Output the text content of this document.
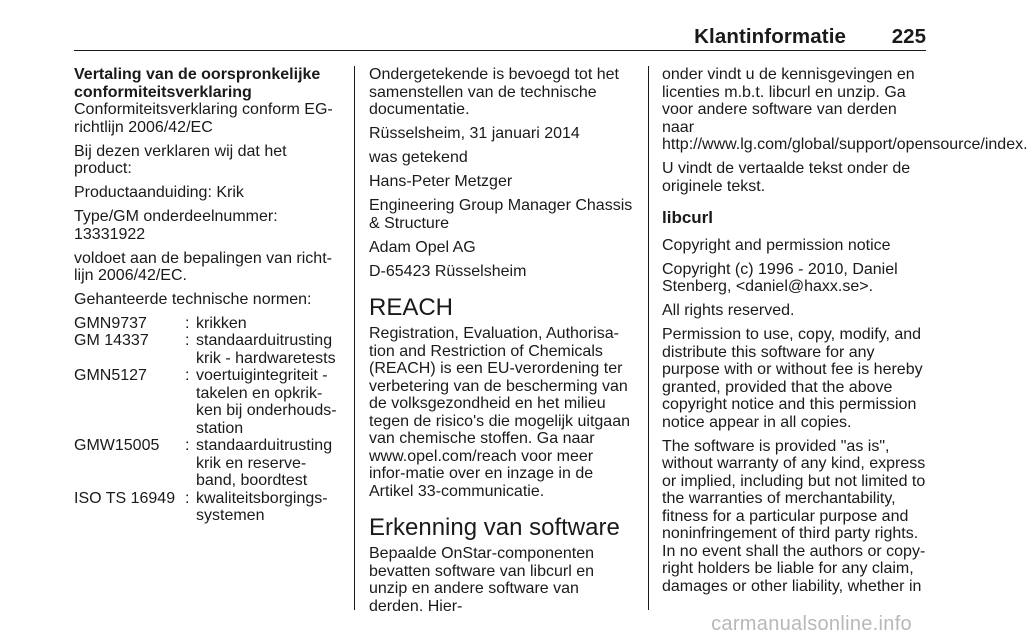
Klantinformatie 225

Vertaling van de oorspronkelijke conformiteitsverklaring

Conformiteitsverklaring conform EG-richtlijn 2006/42/EC

Bij dezen verklaren wij dat het product:

Productaanduiding: Krik

Type/GM onderdeelnummer: 13331922

voldoet aan de bepalingen van richt-lijn 2006/42/EC.

Gehanteerde technische normen:

GMN9737	: krikken
GM 14337	: standaarduitrusting krik - hardwaretests
GMN5127	: voertuigintegriteit - takelen en opkrik-ken bij onderhouds-station
GMW15005	: standaarduitrusting krik en reserve-band, boordtest
ISO TS 16949 : kwaliteitsborgings-systemen

Ondergetekende is bevoegd tot het samenstellen van de technische documentatie.

Rüsselsheim, 31 januari 2014

was getekend

Hans-Peter Metzger

Engineering Group Manager Chassis & Structure

Adam Opel AG

D-65423 Rüsselsheim

REACH

Registration, Evaluation, Authorisa-tion and Restriction of Chemicals (REACH) is een EU-verordening ter verbetering van de bescherming van de volksgezondheid en het milieu tegen de risico's die mogelijk uitgaan van chemische stoffen. Ga naar www.opel.com/reach voor meer infor-matie over en inzage in de Artikel 33-communicatie.

Erkenning van software

Bepaalde OnStar-componenten bevatten software van libcurl en unzip en andere software van derden. Hier-

onder vindt u de kennisgevingen en licenties m.b.t. libcurl en unzip. Ga voor andere software van derden naar http://www.lg.com/global/support/opensource/index.

U vindt de vertaalde tekst onder de originele tekst.

libcurl

Copyright and permission notice

Copyright (c) 1996 - 2010, Daniel Stenberg, <daniel@haxx.se>.

All rights reserved.

Permission to use, copy, modify, and distribute this software for any purpose with or without fee is hereby granted, provided that the above copyright notice and this permission notice appear in all copies.

The software is provided "as is", without warranty of any kind, express or implied, including but not limited to the warranties of merchantability, fitness for a particular purpose and noninfringement of third party rights. In no event shall the authors or copy-right holders be liable for any claim, damages or other liability, whether in

carmanualsonline.info
